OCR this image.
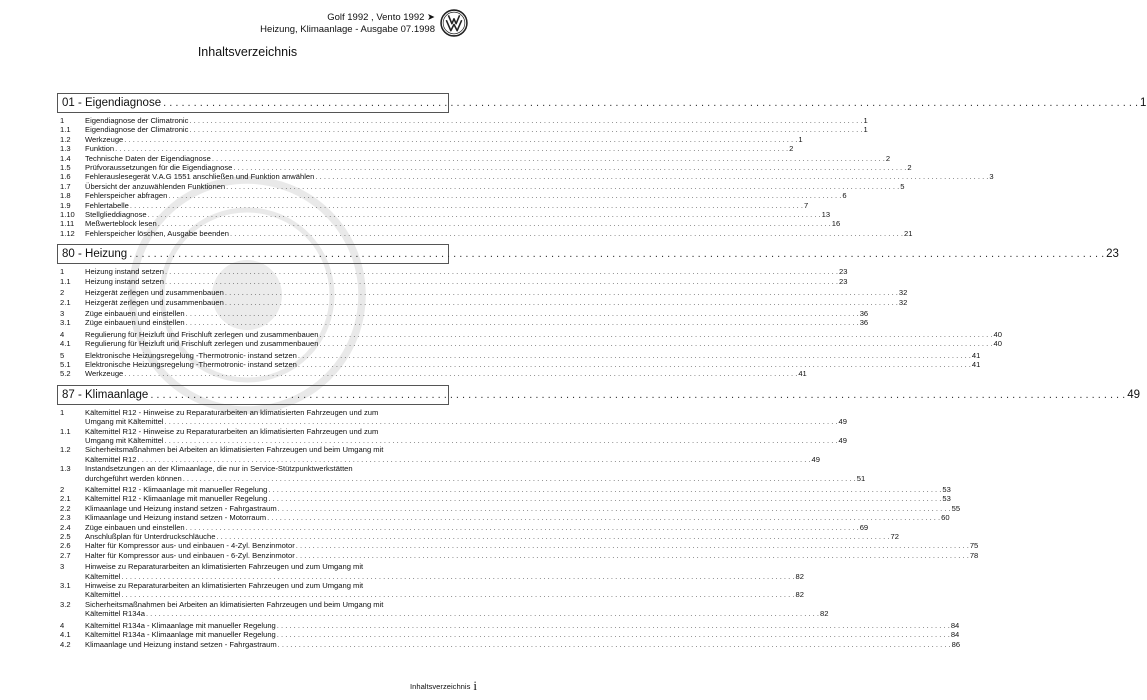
Golf 1992 , Vento 1992 ➤
Heizung, Klimaanlage - Ausgabe 07.1998
Inhaltsverzeichnis
01 - Eigendiagnose . . . . . . . . . . . . . . . . . . . . . . . . . . . . . . . . . . . . . . . . . . . . . . . . . . . . . . . . . . . . . . . . . . . . . . . . . . . . . . . . . . . . . . . . . . . . . . . . . . . . . . . . . . . . . . . . . . . . . . . . . . . . . . . . . . . . . . . . . . . . . . . . . . . . . . . . . . . . . . . . 1
1	Eigendiagnose der Climatronic . . . . . . . . . . . . . . . . . . . . . . . . . . . . . . . . . . . . . . . . . . . . . . . . . . . . . . . . . . . . . . . . . . . . . . . . . . . . . . . . . . . . . . . . . . . . . . . . . . . . . . . . . . . . . . . . . . . . . . . . . . . . . . . . . . . . . . . . . . . . . . . . . . . . . . . . . . . . . . . . 1
1.1	Eigendiagnose der Climatronic . . . . . . . . . . . . . . . . . . . . . . . . . . . . . . . . . . . . . . . . . . . . . . . . . . . . . . . . . . . . . . . . . . . . . . . . . . . . . . . . . . . . . . . . . . . . . . . . . . . . . . . . . . . . . . . . . . . . . . . . . . . . . . . . . . . . . . . . . . . . . . . . . . . . . . . . . . . . . . . . 1
1.2	Werkzeuge . . . . . . . . . . . . . . . . . . . . . . . . . . . . . . . . . . . . . . . . . . . . . . . . . . . . . . . . . . . . . . . . . . . . . . . . . . . . . . . . . . . . . . . . . . . . . . . . . . . . . . . . . . . . . . . . . . . . . . . . . . . . . . . . . . . . . . . . . . . . . . . . . . . . . . . . . . . . . . . . 1
1.3	Funktion . . . . . . . . . . . . . . . . . . . . . . . . . . . . . . . . . . . . . . . . . . . . . . . . . . . . . . . . . . . . . . . . . . . . . . . . . . . . . . . . . . . . . . . . . . . . . . . . . . . . . . . . . . . . . . . . . . . . . . . . . . . . . . . . . . . . . . . . . . . . . . . . . . . . . . . . . . . . . . . . 2
1.4	Technische Daten der Eigendiagnose . . . . . . . . . . . . . . . . . . . . . . . . . . . . . . . . . . . . . . . . . . . . . . . . . . . . . . . . . . . . . . . . . . . . . . . . . . . . . . . . . . . . . . . . . . . . . . . . . . . . . . . . . . . . . . . . . . . . . . . . . . . . . . . . . . . . . . . . . . . . . . . . . . . . . . . . . . . . . . . . 2
1.5	Prüfvoraussetzungen für die Eigendiagnose . . . . . . . . . . . . . . . . . . . . . . . . . . . . . . . . . . . . . . . . . . . . . . . . . . . . . . . . . . . . . . . . . . . . . . . . . . . . . . . . . . . . . . . . . . . . . . . . . . . . . . . . . . . . . . . . . . . . . . . . . . . . . . . . . . . . . . . . . . . . . . . . . . . . . . . . . . . . . . . . 2
1.6	Fehlerauslesegerät V.A.G 1551 anschließen und Funktion anwählen . . . . . . . . . . . . . . . . . . . . . . . . . . . . . . . . . . . . . . . . . . . . . . . . . . . . . . . . . . . . . . . . . . . . . . . . . . . . . . . . . . . . . . . . . . . . . . . . . . . . . . . . . . . . . . . . . . . . . . . . . . . . . . . . . . . . . . . . . . . . . . . . . . . . . . . . . . . . . . . . 3
1.7	Übersicht der anzuwählenden Funktionen . . . . . . . . . . . . . . . . . . . . . . . . . . . . . . . . . . . . . . . . . . . . . . . . . . . . . . . . . . . . . . . . . . . . . . . . . . . . . . . . . . . . . . . . . . . . . . . . . . . . . . . . . . . . . . . . . . . . . . . . . . . . . . . . . . . . . . . . . . . . . . . . . . . . . . . . . . . . . . . . 5
1.8	Fehlerspeicher abfragen . . . . . . . . . . . . . . . . . . . . . . . . . . . . . . . . . . . . . . . . . . . . . . . . . . . . . . . . . . . . . . . . . . . . . . . . . . . . . . . . . . . . . . . . . . . . . . . . . . . . . . . . . . . . . . . . . . . . . . . . . . . . . . . . . . . . . . . . . . . . . . . . . . . . . . . . . . . . . . . . 6
1.9	Fehlertabelle . . . . . . . . . . . . . . . . . . . . . . . . . . . . . . . . . . . . . . . . . . . . . . . . . . . . . . . . . . . . . . . . . . . . . . . . . . . . . . . . . . . . . . . . . . . . . . . . . . . . . . . . . . . . . . . . . . . . . . . . . . . . . . . . . . . . . . . . . . . . . . . . . . . . . . . . . . . . . . . . 7
1.10	Stellglieddiagnose . . . . . . . . . . . . . . . . . . . . . . . . . . . . . . . . . . . . . . . . . . . . . . . . . . . . . . . . . . . . . . . . . . . . . . . . . . . . . . . . . . . . . . . . . . . . . . . . . . . . . . . . . . . . . . . . . . . . . . . . . . . . . . . . . . . . . . . . . . . . . . . . . . . . . . . . . . . . . . . . 13
1.11	Meßwerteblock lesen . . . . . . . . . . . . . . . . . . . . . . . . . . . . . . . . . . . . . . . . . . . . . . . . . . . . . . . . . . . . . . . . . . . . . . . . . . . . . . . . . . . . . . . . . . . . . . . . . . . . . . . . . . . . . . . . . . . . . . . . . . . . . . . . . . . . . . . . . . . . . . . . . . . . . . . . . . . . . . . . 16
1.12	Fehlerspeicher löschen, Ausgabe beenden . . . . . . . . . . . . . . . . . . . . . . . . . . . . . . . . . . . . . . . . . . . . . . . . . . . . . . . . . . . . . . . . . . . . . . . . . . . . . . . . . . . . . . . . . . . . . . . . . . . . . . . . . . . . . . . . . . . . . . . . . . . . . . . . . . . . . . . . . . . . . . . . . . . . . . . . . . . . . . . . 21
80 - Heizung . . . . . . . . . . . . . . . . . . . . . . . . . . . . . . . . . . . . . . . . . . . . . . . . . . . . . . . . . . . . . . . . . . . . . . . . . . . . . . . . . . . . . . . . . . . . . . . . . . . . . . . . . . . . . . . . . . . . . . . . . . . . . . . . . . . . . . . . . . . . . . . . . . . . . . . . . . . . . . . . 23
1	Heizung instand setzen . . . . . . . . . . . . . . . . . . . . . . . . . . . . . . . . . . . . . . . . . . . . . . . . . . . . . . . . . . . . . . . . . . . . . . . . . . . . . . . . . . . . . . . . . . . . . . . . . . . . . . . . . . . . . . . . . . . . . . . . . . . . . . . . . . . . . . . . . . . . . . . . . . . . . . . . . . . . . . . . 23
1.1	Heizung instand setzen . . . . . . . . . . . . . . . . . . . . . . . . . . . . . . . . . . . . . . . . . . . . . . . . . . . . . . . . . . . . . . . . . . . . . . . . . . . . . . . . . . . . . . . . . . . . . . . . . . . . . . . . . . . . . . . . . . . . . . . . . . . . . . . . . . . . . . . . . . . . . . . . . . . . . . . . . . . . . . . . 23
2	Heizgerät zerlegen und zusammenbauen . . . . . . . . . . . . . . . . . . . . . . . . . . . . . . . . . . . . . . . . . . . . . . . . . . . . . . . . . . . . . . . . . . . . . . . . . . . . . . . . . . . . . . . . . . . . . . . . . . . . . . . . . . . . . . . . . . . . . . . . . . . . . . . . . . . . . . . . . . . . . . . . . . . . . . . . . . . . . . . . 32
2.1	Heizgerät zerlegen und zusammenbauen . . . . . . . . . . . . . . . . . . . . . . . . . . . . . . . . . . . . . . . . . . . . . . . . . . . . . . . . . . . . . . . . . . . . . . . . . . . . . . . . . . . . . . . . . . . . . . . . . . . . . . . . . . . . . . . . . . . . . . . . . . . . . . . . . . . . . . . . . . . . . . . . . . . . . . . . . . . . . . . . 32
3	Züge einbauen und einstellen . . . . . . . . . . . . . . . . . . . . . . . . . . . . . . . . . . . . . . . . . . . . . . . . . . . . . . . . . . . . . . . . . . . . . . . . . . . . . . . . . . . . . . . . . . . . . . . . . . . . . . . . . . . . . . . . . . . . . . . . . . . . . . . . . . . . . . . . . . . . . . . . . . . . . . . . . . . . . . . . 36
3.1	Züge einbauen und einstellen . . . . . . . . . . . . . . . . . . . . . . . . . . . . . . . . . . . . . . . . . . . . . . . . . . . . . . . . . . . . . . . . . . . . . . . . . . . . . . . . . . . . . . . . . . . . . . . . . . . . . . . . . . . . . . . . . . . . . . . . . . . . . . . . . . . . . . . . . . . . . . . . . . . . . . . . . . . . . . . . 36
4	Regulierung für Heizluft und Frischluft zerlegen und zusammenbauen . . . . . . . . . . . . . . . . . . . . . . . . . . . . . . . . . . . . . . . . . . . . . . . . . . . . . . . . . . . . . . . . . . . . . . . . . . . . . . . . . . . . . . . . . . . . . . . . . . . . . . . . . . . . . . . . . . . . . . . . . . . . . . . . . . . . . . . . . . . . . . . . . . . . . . . . . . . . . . . . 40
4.1	Regulierung für Heizluft und Frischluft zerlegen und zusammenbauen . . . . . . . . . . . . . . . . . . . . . . . . . . . . . . . . . . . . . . . . . . . . . . . . . . . . . . . . . . . . . . . . . . . . . . . . . . . . . . . . . . . . . . . . . . . . . . . . . . . . . . . . . . . . . . . . . . . . . . . . . . . . . . . . . . . . . . . . . . . . . . . . . . . . . . . . . . . . . . . . 40
5	Elektronische Heizungsregelung -Thermotronic- instand setzen . . . . . . . . . . . . . . . . . . . . . . . . . . . . . . . . . . . . . . . . . . . . . . . . . . . . . . . . . . . . . . . . . . . . . . . . . . . . . . . . . . . . . . . . . . . . . . . . . . . . . . . . . . . . . . . . . . . . . . . . . . . . . . . . . . . . . . . . . . . . . . . . . . . . . . . . . . . . . . . . 41
5.1	Elektronische Heizungsregelung -Thermotronic- instand setzen . . . . . . . . . . . . . . . . . . . . . . . . . . . . . . . . . . . . . . . . . . . . . . . . . . . . . . . . . . . . . . . . . . . . . . . . . . . . . . . . . . . . . . . . . . . . . . . . . . . . . . . . . . . . . . . . . . . . . . . . . . . . . . . . . . . . . . . . . . . . . . . . . . . . . . . . . . . . . . . . 41
5.2	Werkzeuge . . . . . . . . . . . . . . . . . . . . . . . . . . . . . . . . . . . . . . . . . . . . . . . . . . . . . . . . . . . . . . . . . . . . . . . . . . . . . . . . . . . . . . . . . . . . . . . . . . . . . . . . . . . . . . . . . . . . . . . . . . . . . . . . . . . . . . . . . . . . . . . . . . . . . . . . . . . . . . . . 41
87 - Klimaanlage . . . . . . . . . . . . . . . . . . . . . . . . . . . . . . . . . . . . . . . . . . . . . . . . . . . . . . . . . . . . . . . . . . . . . . . . . . . . . . . . . . . . . . . . . . . . . . . . . . . . . . . . . . . . . . . . . . . . . . . . . . . . . . . . . . . . . . . . . . . . . . . . . . . . . . . . . . . . . . . . 49
1	Kältemittel R12 - Hinweise zu Reparaturarbeiten an klimatisierten Fahrzeugen und zum
Umgang mit Kältemittel . . . . . . . . . . . . . . . . . . . . . . . . . . . . . . . . . . . . . . . . . . . . . . . . . . . . . . . . . . . . . . . . . . . . . . . . . . . . . . . . . . . . . . . . . . . . . . . . . . . . . . . . . . . . . . . . . . . . . . . . . . . . . . . . . . . . . . . . . . . . . . . . . . . . . . . . . . . . . . . . 49
1.1	Kältemittel R12 - Hinweise zu Reparaturarbeiten an klimatisierten Fahrzeugen und zum
Umgang mit Kältemittel . . . . . . . . . . . . . . . . . . . . . . . . . . . . . . . . . . . . . . . . . . . . . . . . . . . . . . . . . . . . . . . . . . . . . . . . . . . . . . . . . . . . . . . . . . . . . . . . . . . . . . . . . . . . . . . . . . . . . . . . . . . . . . . . . . . . . . . . . . . . . . . . . . . . . . . . . . . . . . . . 49
1.2	Sicherheitsmaßnahmen bei Arbeiten an klimatisierten Fahrzeugen und beim Umgang mit
Kältemittel R12 . . . . . . . . . . . . . . . . . . . . . . . . . . . . . . . . . . . . . . . . . . . . . . . . . . . . . . . . . . . . . . . . . . . . . . . . . . . . . . . . . . . . . . . . . . . . . . . . . . . . . . . . . . . . . . . . . . . . . . . . . . . . . . . . . . . . . . . . . . . . . . . . . . . . . . . . . . . . . . . . 49
1.3	Instandsetzungen an der Klimaanlage, die nur in Service-Stützpunktwerkstätten
durchgeführt werden können . . . . . . . . . . . . . . . . . . . . . . . . . . . . . . . . . . . . . . . . . . . . . . . . . . . . . . . . . . . . . . . . . . . . . . . . . . . . . . . . . . . . . . . . . . . . . . . . . . . . . . . . . . . . . . . . . . . . . . . . . . . . . . . . . . . . . . . . . . . . . . . . . . . . . . . . . . . . . . . . 51
2	Kältemittel R12 - Klimaanlage mit manueller Regelung . . . . . . . . . . . . . . . . . . . . . . . . . . . . . . . . . . . . . . . . . . . . . . . . . . . . . . . . . . . . . . . . . . . . . . . . . . . . . . . . . . . . . . . . . . . . . . . . . . . . . . . . . . . . . . . . . . . . . . . . . . . . . . . . . . . . . . . . . . . . . . . . . . . . . . . . . . . . . . . . 53
2.1	Kältemittel R12 - Klimaanlage mit manueller Regelung . . . . . . . . . . . . . . . . . . . . . . . . . . . . . . . . . . . . . . . . . . . . . . . . . . . . . . . . . . . . . . . . . . . . . . . . . . . . . . . . . . . . . . . . . . . . . . . . . . . . . . . . . . . . . . . . . . . . . . . . . . . . . . . . . . . . . . . . . . . . . . . . . . . . . . . . . . . . . . . . 53
2.2	Klimaanlage und Heizung instand setzen - Fahrgastraum . . . . . . . . . . . . . . . . . . . . . . . . . . . . . . . . . . . . . . . . . . . . . . . . . . . . . . . . . . . . . . . . . . . . . . . . . . . . . . . . . . . . . . . . . . . . . . . . . . . . . . . . . . . . . . . . . . . . . . . . . . . . . . . . . . . . . . . . . . . . . . . . . . . . . . . . . . . . . . . . 55
2.3	Klimaanlage und Heizung instand setzen - Motorraum . . . . . . . . . . . . . . . . . . . . . . . . . . . . . . . . . . . . . . . . . . . . . . . . . . . . . . . . . . . . . . . . . . . . . . . . . . . . . . . . . . . . . . . . . . . . . . . . . . . . . . . . . . . . . . . . . . . . . . . . . . . . . . . . . . . . . . . . . . . . . . . . . . . . . . . . . . . . . . . . 60
2.4	Züge einbauen und einstellen . . . . . . . . . . . . . . . . . . . . . . . . . . . . . . . . . . . . . . . . . . . . . . . . . . . . . . . . . . . . . . . . . . . . . . . . . . . . . . . . . . . . . . . . . . . . . . . . . . . . . . . . . . . . . . . . . . . . . . . . . . . . . . . . . . . . . . . . . . . . . . . . . . . . . . . . . . . . . . . . 69
2.5	Anschlußplan für Unterdruckschläuche . . . . . . . . . . . . . . . . . . . . . . . . . . . . . . . . . . . . . . . . . . . . . . . . . . . . . . . . . . . . . . . . . . . . . . . . . . . . . . . . . . . . . . . . . . . . . . . . . . . . . . . . . . . . . . . . . . . . . . . . . . . . . . . . . . . . . . . . . . . . . . . . . . . . . . . . . . . . . . . . 72
2.6	Halter für Kompressor aus- und einbauen - 4-Zyl. Benzinmotor . . . . . . . . . . . . . . . . . . . . . . . . . . . . . . . . . . . . . . . . . . . . . . . . . . . . . . . . . . . . . . . . . . . . . . . . . . . . . . . . . . . . . . . . . . . . . . . . . . . . . . . . . . . . . . . . . . . . . . . . . . . . . . . . . . . . . . . . . . . . . . . . . . . . . . . . . . . . . . . . 75
2.7	Halter für Kompressor aus- und einbauen - 6-Zyl. Benzinmotor . . . . . . . . . . . . . . . . . . . . . . . . . . . . . . . . . . . . . . . . . . . . . . . . . . . . . . . . . . . . . . . . . . . . . . . . . . . . . . . . . . . . . . . . . . . . . . . . . . . . . . . . . . . . . . . . . . . . . . . . . . . . . . . . . . . . . . . . . . . . . . . . . . . . . . . . . . . . . . . . 78
3	Hinweise zu Reparaturarbeiten an klimatisierten Fahrzeugen und zum Umgang mit
Kältemittel . . . . . . . . . . . . . . . . . . . . . . . . . . . . . . . . . . . . . . . . . . . . . . . . . . . . . . . . . . . . . . . . . . . . . . . . . . . . . . . . . . . . . . . . . . . . . . . . . . . . . . . . . . . . . . . . . . . . . . . . . . . . . . . . . . . . . . . . . . . . . . . . . . . . . . . . . . . . . . . . 82
3.1	Hinweise zu Reparaturarbeiten an klimatisierten Fahrzeugen und zum Umgang mit
Kältemittel . . . . . . . . . . . . . . . . . . . . . . . . . . . . . . . . . . . . . . . . . . . . . . . . . . . . . . . . . . . . . . . . . . . . . . . . . . . . . . . . . . . . . . . . . . . . . . . . . . . . . . . . . . . . . . . . . . . . . . . . . . . . . . . . . . . . . . . . . . . . . . . . . . . . . . . . . . . . . . . . 82
3.2	Sicherheitsmaßnahmen bei Arbeiten an klimatisierten Fahrzeugen und beim Umgang mit
Kältemittel R134a . . . . . . . . . . . . . . . . . . . . . . . . . . . . . . . . . . . . . . . . . . . . . . . . . . . . . . . . . . . . . . . . . . . . . . . . . . . . . . . . . . . . . . . . . . . . . . . . . . . . . . . . . . . . . . . . . . . . . . . . . . . . . . . . . . . . . . . . . . . . . . . . . . . . . . . . . . . . . . . . 82
4	Kältemittel R134a - Klimaanlage mit manueller Regelung . . . . . . . . . . . . . . . . . . . . . . . . . . . . . . . . . . . . . . . . . . . . . . . . . . . . . . . . . . . . . . . . . . . . . . . . . . . . . . . . . . . . . . . . . . . . . . . . . . . . . . . . . . . . . . . . . . . . . . . . . . . . . . . . . . . . . . . . . . . . . . . . . . . . . . . . . . . . . . . . 84
4.1	Kältemittel R134a - Klimaanlage mit manueller Regelung . . . . . . . . . . . . . . . . . . . . . . . . . . . . . . . . . . . . . . . . . . . . . . . . . . . . . . . . . . . . . . . . . . . . . . . . . . . . . . . . . . . . . . . . . . . . . . . . . . . . . . . . . . . . . . . . . . . . . . . . . . . . . . . . . . . . . . . . . . . . . . . . . . . . . . . . . . . . . . . . 84
4.2	Klimaanlage und Heizung instand setzen - Fahrgastraum . . . . . . . . . . . . . . . . . . . . . . . . . . . . . . . . . . . . . . . . . . . . . . . . . . . . . . . . . . . . . . . . . . . . . . . . . . . . . . . . . . . . . . . . . . . . . . . . . . . . . . . . . . . . . . . . . . . . . . . . . . . . . . . . . . . . . . . . . . . . . . . . . . . . . . . . . . . . . . . . 86
Inhaltsverzeichnis i
